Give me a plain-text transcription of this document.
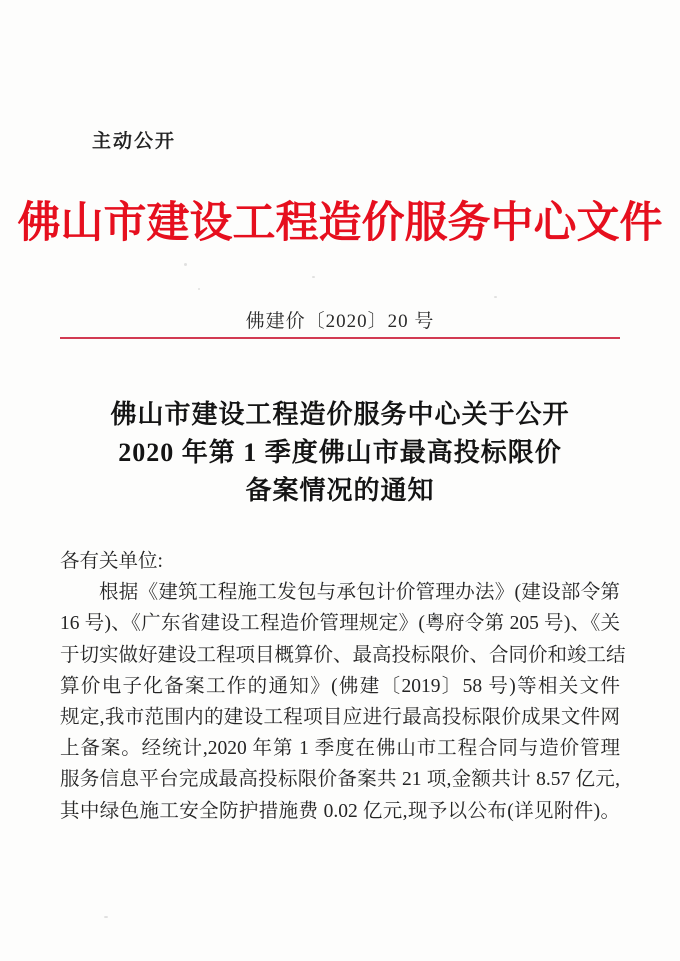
主动公开
佛山市建设工程造价服务中心文件
佛建价〔2020〕20 号
佛山市建设工程造价服务中心关于公开
2020 年第 1 季度佛山市最高投标限价
备案情况的通知
各有关单位:
根据《建筑工程施工发包与承包计价管理办法》(建设部令第
16 号)、《广东省建设工程造价管理规定》(粤府令第 205 号)、《关
于切实做好建设工程项目概算价、最高投标限价、合同价和竣工结
算价电子化备案工作的通知》(佛建〔2019〕58 号)等相关文件
规定,我市范围内的建设工程项目应进行最高投标限价成果文件网
上备案。经统计,2020 年第 1 季度在佛山市工程合同与造价管理
服务信息平台完成最高投标限价备案共 21 项,金额共计 8.57 亿元,
其中绿色施工安全防护措施费 0.02 亿元,现予以公布(详见附件)。
